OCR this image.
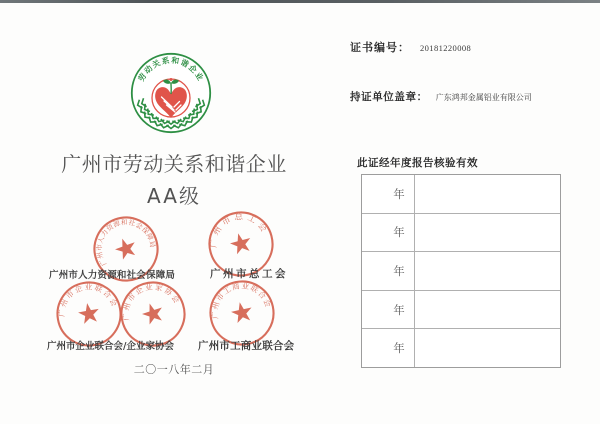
劳动关系和谐企业
广州市劳动关系和谐企业
AA级
广州市人力资源和社会保障局	广州市总工会
广州市企业联合会
广州市企业家协会
广州市工商业联合会
广州市人力资源和社会保障局	广州市总工会
广州市企业联合会/企业家协会 广州市工商业联合会
二〇一八年二月
证书编号： 20181220008
持证单位盖章： 广东鸿邦金属铝业有限公司
此证经年度报告核验有效
年
年
年
年
年
